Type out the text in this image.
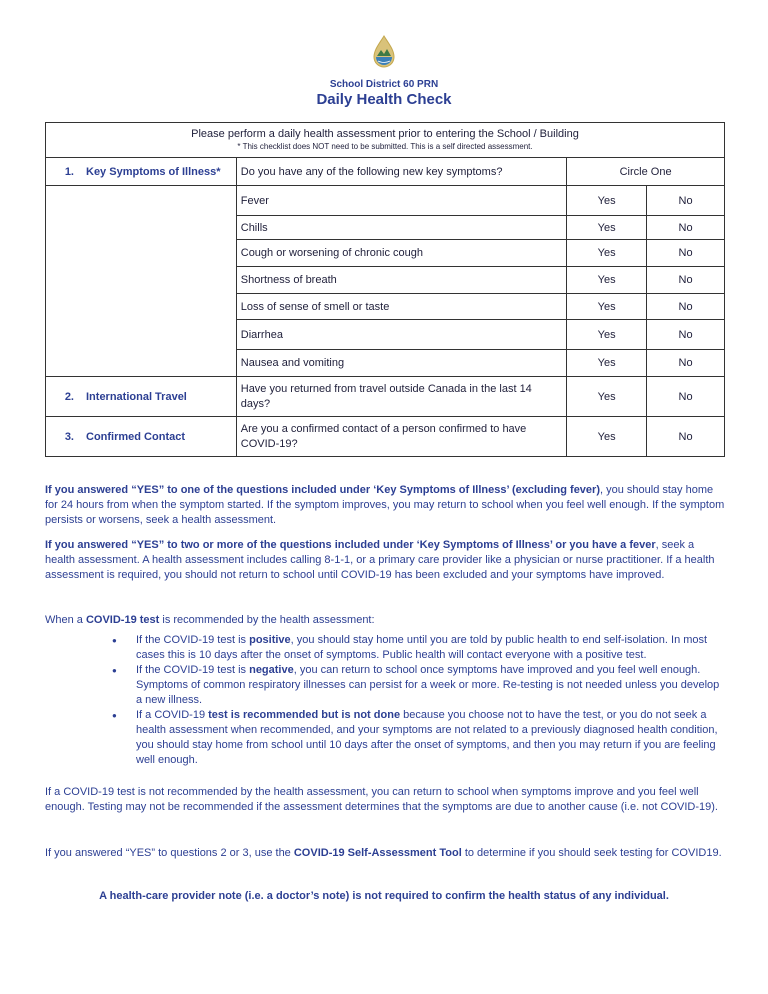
School District 60 PRN
Daily Health Check
Please perform a daily health assessment prior to entering the School / Building
* This checklist does NOT need to be submitted. This is a self directed assessment.			

1. Key Symptoms of Illness*	Do you have any of the following new key symptoms?	Circle One	
	Fever	Yes	No
	Chills	Yes	No
	Cough or worsening of chronic cough	Yes	No
	Shortness of breath	Yes	No
	Loss of sense of smell or taste	Yes	No
	Diarrhea	Yes	No
	Nausea and vomiting	Yes	No
2. International Travel	Have you returned from travel outside Canada in the last 14 days?	Yes	No
3. Confirmed Contact	Are you a confirmed contact of a person confirmed to have COVID-19?	Yes	No

If you answered “YES” to one of the questions included under ‘Key Symptoms of Illness’ (excluding fever), you should stay home for 24 hours from when the symptom started. If the symptom improves, you may return to school when you feel well enough. If the symptom persists or worsens, seek a health assessment.

If you answered “YES” to two or more of the questions included under ‘Key Symptoms of Illness’ or you have a fever, seek a health assessment. A health assessment includes calling 8-1-1, or a primary care provider like a physician or nurse practitioner. If a health assessment is required, you should not return to school until COVID-19 has been excluded and your symptoms have improved.

When a COVID-19 test is recommended by the health assessment:

● If the COVID-19 test is positive, you should stay home until you are told by public health to end self-isolation. In most cases this is 10 days after the onset of symptoms. Public health will contact everyone with a positive test.
● If the COVID-19 test is negative, you can return to school once symptoms have improved and you feel well enough. Symptoms of common respiratory illnesses can persist for a week or more. Re-testing is not needed unless you develop a new illness.
● If a COVID-19 test is recommended but is not done because you choose not to have the test, or you do not seek a health assessment when recommended, and your symptoms are not related to a previously diagnosed health condition, you should stay home from school until 10 days after the onset of symptoms, and then you may return if you are feeling well enough.

If a COVID-19 test is not recommended by the health assessment, you can return to school when symptoms improve and you feel well enough. Testing may not be recommended if the assessment determines that the symptoms are due to another cause (i.e. not COVID-19).

If you answered “YES” to questions 2 or 3, use the COVID-19 Self-Assessment Tool to determine if you should seek testing for COVID19.

A health-care provider note (i.e. a doctor’s note) is not required to confirm the health status of any individual.
